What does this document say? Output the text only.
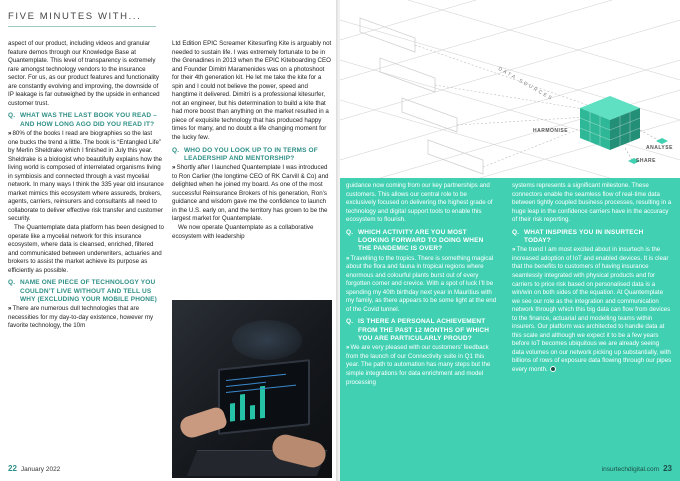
FIVE MINUTES WITH...

aspect of our product, including videos and granular feature demos through our Knowledge Base at Quantemplate. This level of transparency is extremely rare amongst technology vendors to the insurance sector. For us, as our product features and functionality are constantly evolving and improving, the downside of IP leakage is far outweighed by the upside in enhanced customer trust.

Q. WHAT WAS THE LAST BOOK YOU READ – AND HOW LONG AGO DID YOU READ IT?

» 80% of the books I read are biographies so the last one bucks the trend a little. The book is “Entangled Life” by Merlin Sheldrake which I finished in July this year. Sheldrake is a biologist who beautifully explains how the living world is composed of interrelated organisms living in symbiosis and connected through a vast mycelial network. In many ways I think the 335 year old insurance market mimics this ecosystem where assureds, brokers, agents, carriers, reinsurers and consultants all need to collaborate to deliver effective risk transfer and customer security.

The Quantemplate data platform has been designed to operate like a mycelial network for this insurance ecosystem, where data is cleansed, enriched, filtered and communicated between underwriters, actuaries and brokers to assist the market achieve its purpose as efficiently as possible.

Q. NAME ONE PIECE OF TECHNOLOGY YOU COULDN’T LIVE WITHOUT AND TELL US WHY (EXCLUDING YOUR MOBILE PHONE)

» There are numerous dull technologies that are necessities for my day-to-day existence, however my favorite technology, the 10m

Ltd Edition EPIC Screamer Kitesurfing Kite is arguably not needed to sustain life. I was extremely fortunate to be in the Grenadines in 2013 when the EPIC Kiteboarding CEO and Founder Dimitri Maramenides was on a photoshoot for their 4th generation kit. He let me take the kite for a spin and I could not believe the power, speed and hangtime it delivered. Dimitri is a professional kitesurfer, not an engineer, but his determination to build a kite that had more boost than anything on the market resulted in a piece of exquisite technology that has produced happy times for many, and no doubt a life changing moment for the lucky few.

Q. WHO DO YOU LOOK UP TO IN TERMS OF LEADERSHIP AND MENTORSHIP?

» Shortly after I launched Quantemplate I was introduced to Ron Carlier (the longtime CEO of RK Carvill & Co) and delighted when he joined my board. As one of the most successful Reinsurance Brokers of his generation, Ron’s guidance and wisdom gave me the confidence to launch in the U.S. early on, and the territory has grown to be the largest market for Quantemplate.

We now operate Quantemplate as a collaborative ecosystem with leadership

22 January 2022
DATA SOURCES
HARMONISE
ANALYSE
SHARE

guidance now coming from our key partnerships and customers. This allows our central role to be exclusively focused on delivering the highest grade of technology and digital support tools to enable this ecosystem to flourish.

Q. WHICH ACTIVITY ARE YOU MOST LOOKING FORWARD TO DOING WHEN THE PANDEMIC IS OVER?

» Travelling to the tropics. There is something magical about the flora and fauna in tropical regions where enormous and colourful plants burst out of every forgotten corner and crevice. With a spot of luck I’ll be spending my 40th birthday next year in Mauritius with my family, as there appears to be some light at the end of the Covid tunnel.

Q. IS THERE A PERSONAL ACHIEVEMENT FROM THE PAST 12 MONTHS OF WHICH YOU ARE PARTICULARLY PROUD?

» We are very pleased with our customers’ feedback from the launch of our Connectivity suite in Q1 this year. The path to automation has many steps but the simple integrations for data enrichment and model processing

systems represents a significant milestone. These connectors enable the seamless flow of real-time data between tightly coupled business processes, resulting in a huge leap in the confidence carriers have in the accuracy of their risk reporting.

Q. WHAT INSPIRES YOU IN INSURTECH TODAY?

» The trend I am most excited about in insurtech is the increased adoption of IoT and enabled devices. It is clear that the benefits to customers of having insurance seamlessly integrated with physical products and for carriers to price risk based on personalised data is a win/win on both sides of the equation. At Quantemplate we see our role as the integration and communication network through which this big data can flow from devices to the finance, actuarial and modelling teams within insurers. Our platform was architected to handle data at this scale and although we expect it to be a few years before IoT becomes ubiquitous we are already seeing data volumes on our network picking up substantially, with billions of rows of exposure data flowing through our pipes every month.

insurtechdigital.com 23
